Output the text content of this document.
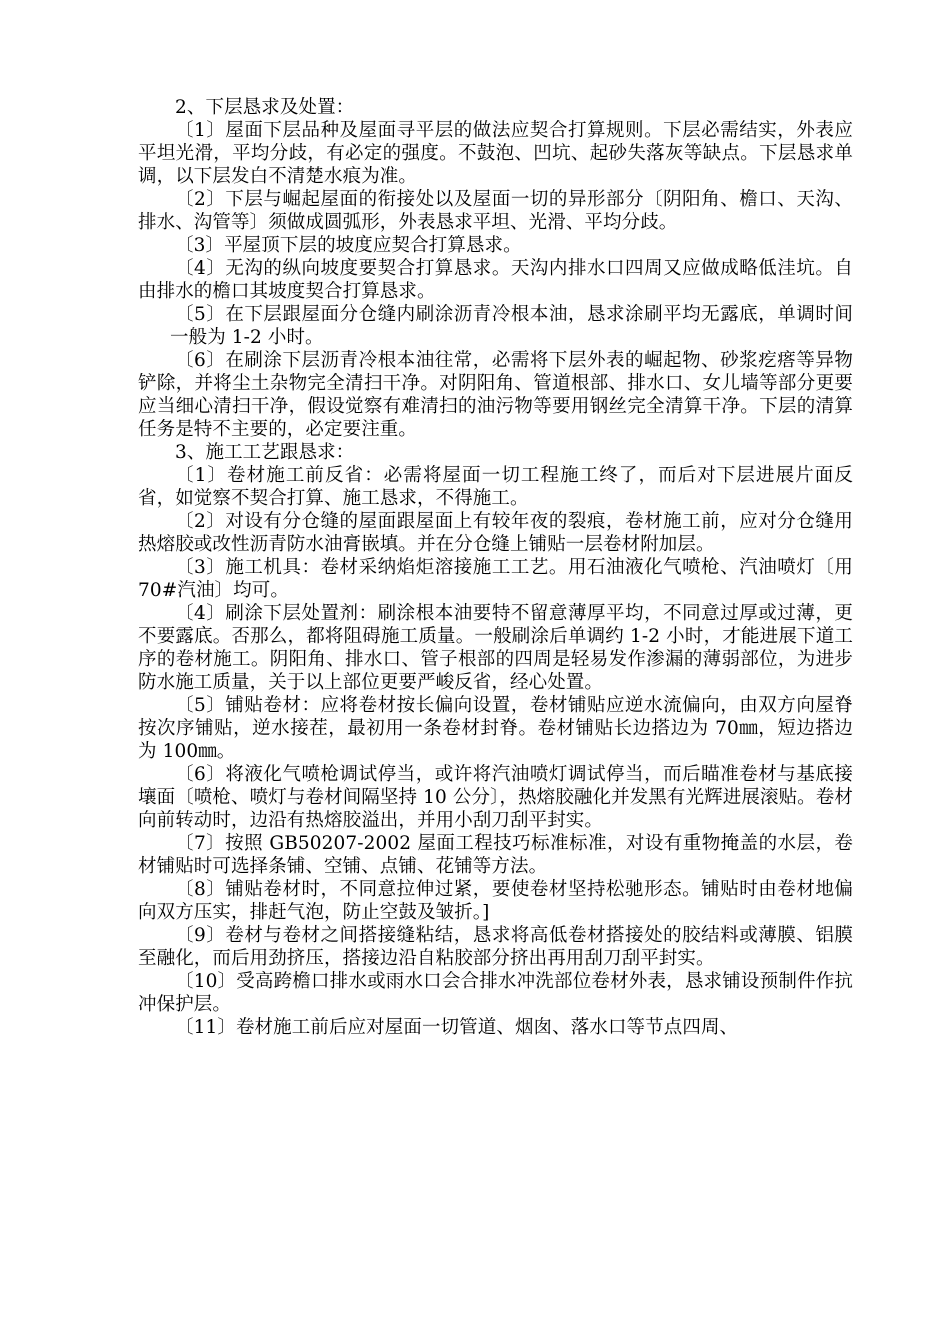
2、下层恳求及处置：

〔1〕屋面下层品种及屋面寻平层的做法应契合打算规则。下层必需结实，外表应平坦光滑，平均分歧，有必定的强度。不鼓泡、凹坑、起砂失落灰等缺点。下层恳求单调，以下层发白不清楚水痕为准。

〔2〕下层与崛起屋面的衔接处以及屋面一切的异形部分〔阴阳角、檐口、天沟、排水、沟管等〕须做成圆弧形，外表恳求平坦、光滑、平均分歧。

〔3〕平屋顶下层的坡度应契合打算恳求。

〔4〕无沟的纵向坡度要契合打算恳求。天沟内排水口四周又应做成略低洼坑。自由排水的檐口其坡度契合打算恳求。

〔5〕在下层跟屋面分仓缝内刷涂沥青冷根本油，恳求涂刷平均无露底，单调时间一般为 1-2 小时。

〔6〕在刷涂下层沥青冷根本油往常，必需将下层外表的崛起物、砂浆疙瘩等异物铲除，并将尘土杂物完全清扫干净。对阴阳角、管道根部、排水口、女儿墙等部分更要应当细心清扫干净，假设觉察有难清扫的油污物等要用钢丝完全清算干净。下层的清算任务是特不主要的，必定要注重。

3、施工工艺跟恳求：

〔1〕卷材施工前反省：必需将屋面一切工程施工终了，而后对下层进展片面反省，如觉察不契合打算、施工恳求，不得施工。

〔2〕对设有分仓缝的屋面跟屋面上有较年夜的裂痕，卷材施工前，应对分仓缝用热熔胶或改性沥青防水油膏嵌填。并在分仓缝上铺贴一层卷材附加层。

〔3〕施工机具：卷材采纳焰炬溶接施工工艺。用石油液化气喷枪、汽油喷灯〔用 70#汽油〕均可。

〔4〕刷涂下层处置剂：刷涂根本油要特不留意薄厚平均，不同意过厚或过薄，更不要露底。否那么，都将阻碍施工质量。一般刷涂后单调约 1-2 小时，才能进展下道工序的卷材施工。阴阳角、排水口、管子根部的四周是轻易发作渗漏的薄弱部位，为进步防水施工质量，关于以上部位更要严峻反省，经心处置。

〔5〕铺贴卷材：应将卷材按长偏向设置，卷材铺贴应逆水流偏向，由双方向屋脊按次序铺贴，逆水接茬，最初用一条卷材封脊。卷材铺贴长边搭边为 70㎜，短边搭边为 100㎜。

〔6〕将液化气喷枪调试停当，或许将汽油喷灯调试停当，而后瞄准卷材与基底接壤面〔喷枪、喷灯与卷材间隔坚持 10 公分〕，热熔胶融化并发黑有光辉进展滚贴。卷材向前转动时，边沿有热熔胶溢出，并用小刮刀刮平封实。

〔7〕按照 GB50207-2002 屋面工程技巧标准标准，对设有重物掩盖的水层，卷材铺贴时可选择条铺、空铺、点铺、花铺等方法。

〔8〕铺贴卷材时，不同意拉伸过紧，要使卷材坚持松驰形态。铺贴时由卷材地偏向双方压实，排赶气泡，防止空鼓及皱折。]

〔9〕卷材与卷材之间搭接缝粘结，恳求将高低卷材搭接处的胶结料或薄膜、铝膜至融化，而后用劲挤压，搭接边沿自粘胶部分挤出再用刮刀刮平封实。

〔10〕受高跨檐口排水或雨水口会合排水冲洗部位卷材外表，恳求铺设预制件作抗冲保护层。

〔11〕卷材施工前后应对屋面一切管道、烟囱、落水口等节点四周、
